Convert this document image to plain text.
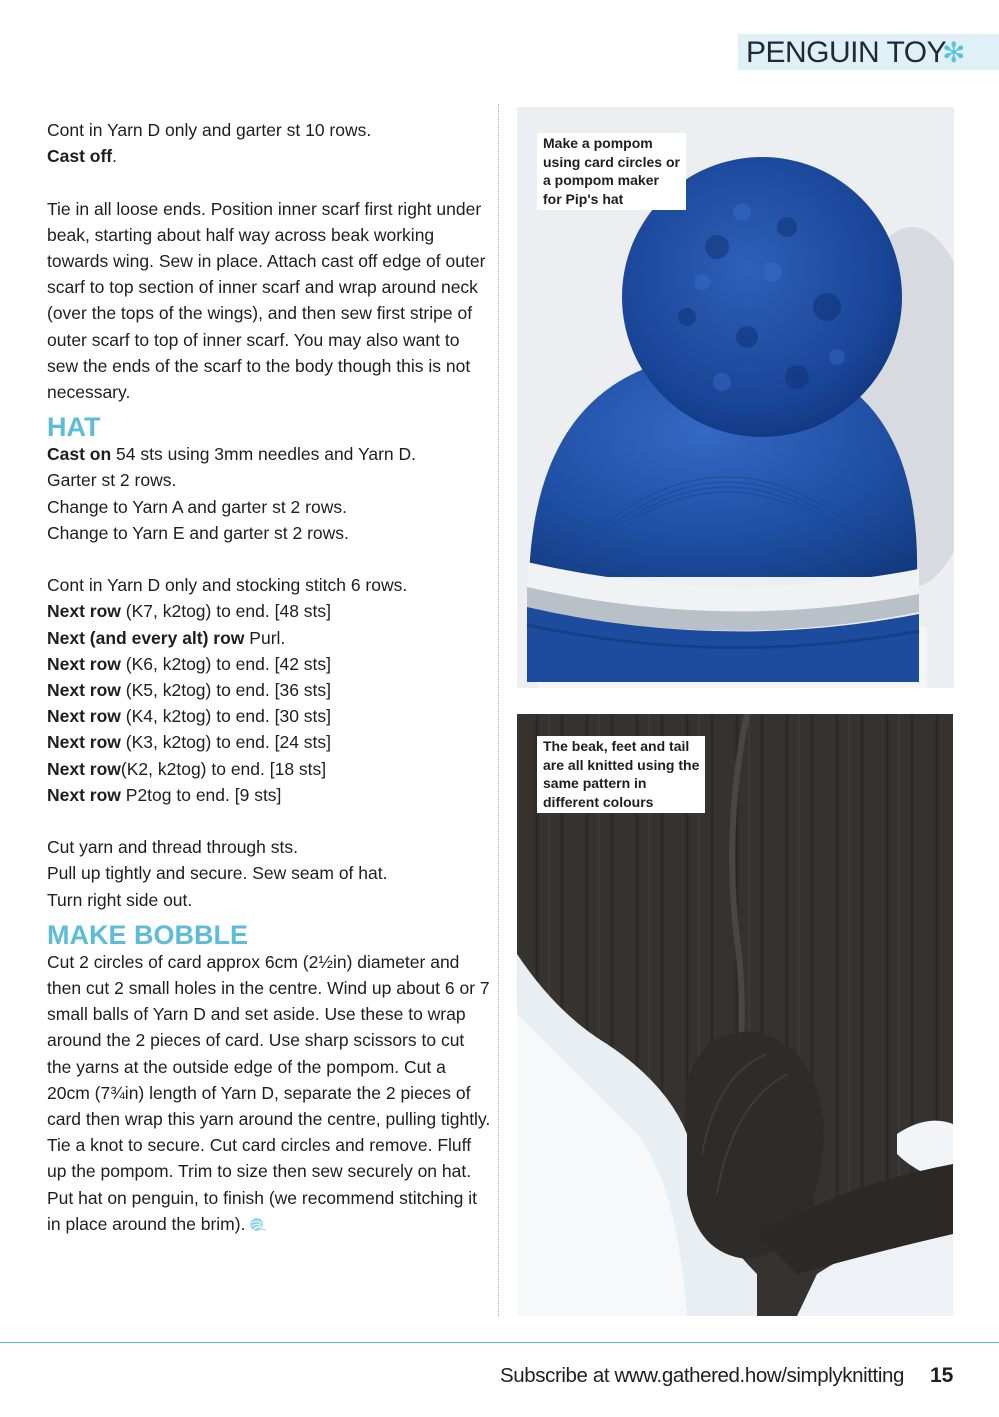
PENGUIN TOY
✻

Cont in Yarn D only and garter st 10 rows.

Cast off.

Tie in all loose ends. Position inner scarf first right under beak, starting about half way across beak working towards wing. Sew in place. Attach cast off edge of outer scarf to top section of inner scarf and wrap around neck (over the tops of the wings), and then sew first stripe of outer scarf to top of inner scarf. You may also want to sew the ends of the scarf to the body though this is not necessary.

HAT

Cast on 54 sts using 3mm needles and Yarn D.

Garter st 2 rows.

Change to Yarn A and garter st 2 rows.

Change to Yarn E and garter st 2 rows.

Cont in Yarn D only and stocking stitch 6 rows.

Next row (K7, k2tog) to end. [48 sts]

Next (and every alt) row Purl.

Next row (K6, k2tog) to end. [42 sts]

Next row (K5, k2tog) to end. [36 sts]

Next row (K4, k2tog) to end. [30 sts]

Next row (K3, k2tog) to end. [24 sts]

Next row(K2, k2tog) to end. [18 sts]

Next row P2tog to end. [9 sts]

Cut yarn and thread through sts.

Pull up tightly and secure. Sew seam of hat.

Turn right side out.

MAKE BOBBLE

Cut 2 circles of card approx 6cm (2½in) diameter and then cut 2 small holes in the centre. Wind up about 6 or 7 small balls of Yarn D and set aside. Use these to wrap around the 2 pieces of card. Use sharp scissors to cut the yarns at the outside edge of the pompom. Cut a 20cm (7¾in) length of Yarn D, separate the 2 pieces of card then wrap this yarn around the centre, pulling tightly. Tie a knot to secure. Cut card circles and remove. Fluff up the pompom. Trim to size then sew securely on hat. Put hat on penguin, to finish (we recommend stitching it in place around the brim).

Make a pompom
using card circles or
a pompom maker
for Pip's hat
The beak, feet and tail
are all knitted using the
same pattern in
different colours
Subscribe at www.gathered.how/simplyknitting 15
